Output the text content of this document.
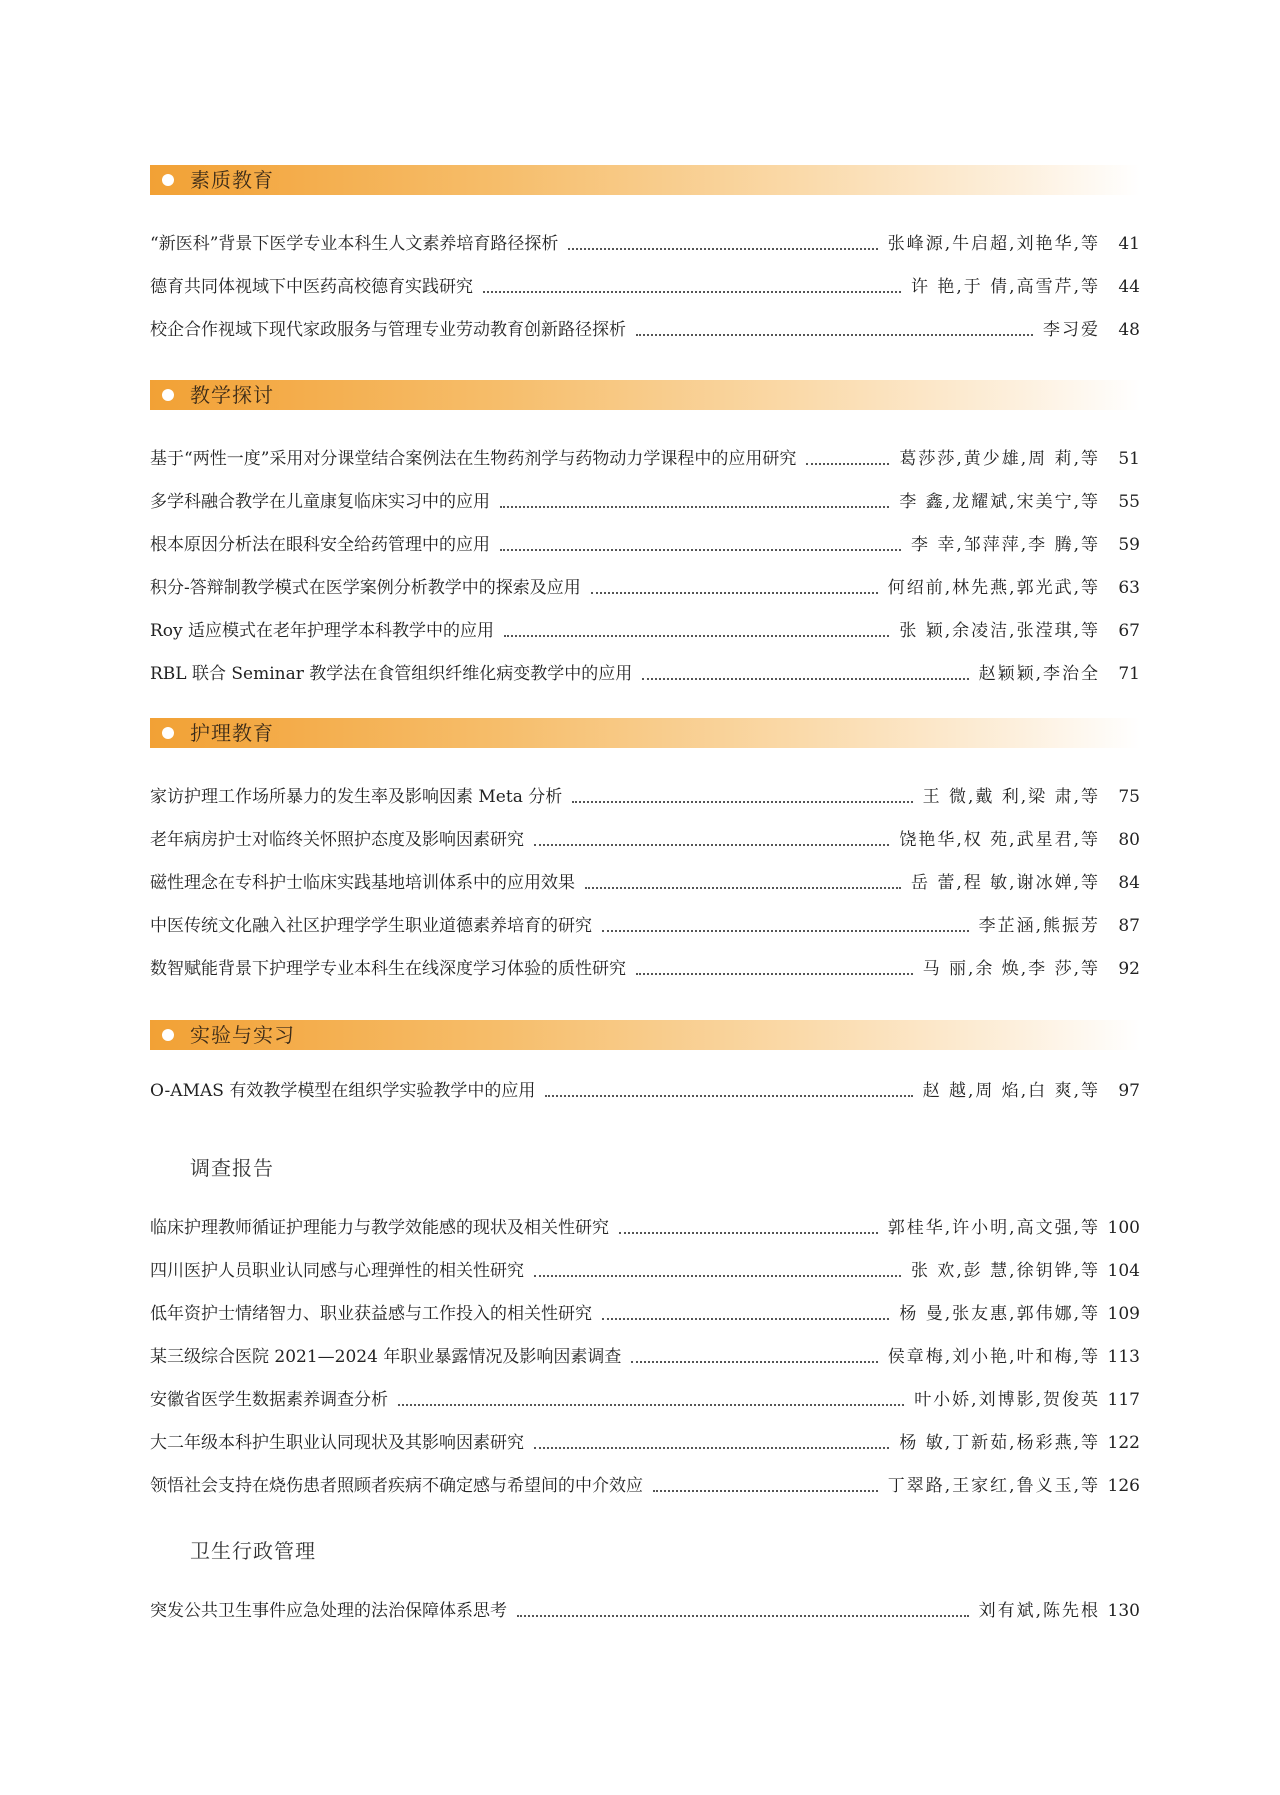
素质教育
“新医科”背景下医学专业本科生人文素养培育路径探析	张峰源,牛启超,刘艳华,等	41
德育共同体视域下中医药高校德育实践研究	许 艳,于 倩,高雪芹,等	44
校企合作视域下现代家政服务与管理专业劳动教育创新路径探析	李习爱	48
教学探讨
基于“两性一度”采用对分课堂结合案例法在生物药剂学与药物动力学课程中的应用研究	葛莎莎,黄少雄,周 莉,等	51
多学科融合教学在儿童康复临床实习中的应用	李 鑫,龙耀斌,宋美宁,等	55
根本原因分析法在眼科安全给药管理中的应用	李 幸,邹萍萍,李 腾,等	59
积分-答辩制教学模式在医学案例分析教学中的探索及应用	何绍前,林先燕,郭光武,等	63
Roy 适应模式在老年护理学本科教学中的应用	张 颖,余凌洁,张滢琪,等	67
RBL 联合 Seminar 教学法在食管组织纤维化病变教学中的应用	赵颖颖,李治全	71
护理教育
家访护理工作场所暴力的发生率及影响因素 Meta 分析	王 微,戴 利,梁 肃,等	75
老年病房护士对临终关怀照护态度及影响因素研究	饶艳华,权 苑,武星君,等	80
磁性理念在专科护士临床实践基地培训体系中的应用效果	岳 蕾,程 敏,谢冰婵,等	84
中医传统文化融入社区护理学学生职业道德素养培育的研究	李芷涵,熊振芳	87
数智赋能背景下护理学专业本科生在线深度学习体验的质性研究	马 丽,余 焕,李 莎,等	92
实验与实习
O-AMAS 有效教学模型在组织学实验教学中的应用	赵 越,周 焰,白 爽,等	97
调查报告
临床护理教师循证护理能力与教学效能感的现状及相关性研究	郭桂华,许小明,高文强,等 100
四川医护人员职业认同感与心理弹性的相关性研究	张 欢,彭 慧,徐钥铧,等 104
低年资护士情绪智力、职业获益感与工作投入的相关性研究	杨 曼,张友惠,郭伟娜,等 109
某三级综合医院 2021—2024 年职业暴露情况及影响因素调查	侯章梅,刘小艳,叶和梅,等 113
安徽省医学生数据素养调查分析	叶小娇,刘博影,贺俊英 117
大二年级本科护生职业认同现状及其影响因素研究	杨 敏,丁新茹,杨彩燕,等 122
领悟社会支持在烧伤患者照顾者疾病不确定感与希望间的中介效应	丁翠路,王家红,鲁义玉,等 126
卫生行政管理
突发公共卫生事件应急处理的法治保障体系思考	刘有斌,陈先根 130
